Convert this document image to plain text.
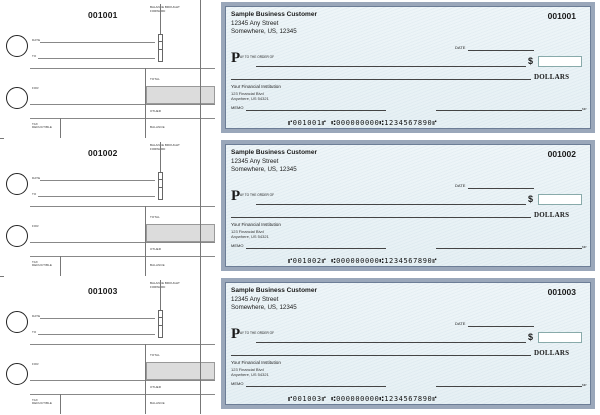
001001
BALANCE BROUGHT FORWARD
DATE
TO
TOTAL
FOR
OTHER
TAX DEDUCTIBLE	BALANCE
Sample Business Customer
12345 Any Street
Somewhere, US, 12345
001001
DATE
P AY TO THE ORDER OF	$
DOLLARS
Your Financial Institution
123 Financial Blvd
Anywhere, US 54321
MEMO	MP
⑈001001⑈ ⑆000000000⑆1234567890⑈
001002
BALANCE BROUGHT FORWARD
DATE
TO
TOTAL
FOR
OTHER
TAX DEDUCTIBLE	BALANCE
Sample Business Customer
12345 Any Street
Somewhere, US, 12345
001002
DATE
P AY TO THE ORDER OF	$
DOLLARS
Your Financial Institution
123 Financial Blvd
Anywhere, US 54321
MEMO	MP
⑈001002⑈ ⑆000000000⑆1234567890⑈
001003
BALANCE BROUGHT FORWARD
DATE
TO
TOTAL
FOR
OTHER
TAX DEDUCTIBLE	BALANCE
Sample Business Customer
12345 Any Street
Somewhere, US, 12345
001003
DATE
P AY TO THE ORDER OF	$
DOLLARS
Your Financial Institution
123 Financial Blvd
Anywhere, US 54321
MEMO	MP
⑈001003⑈ ⑆000000000⑆1234567890⑈
